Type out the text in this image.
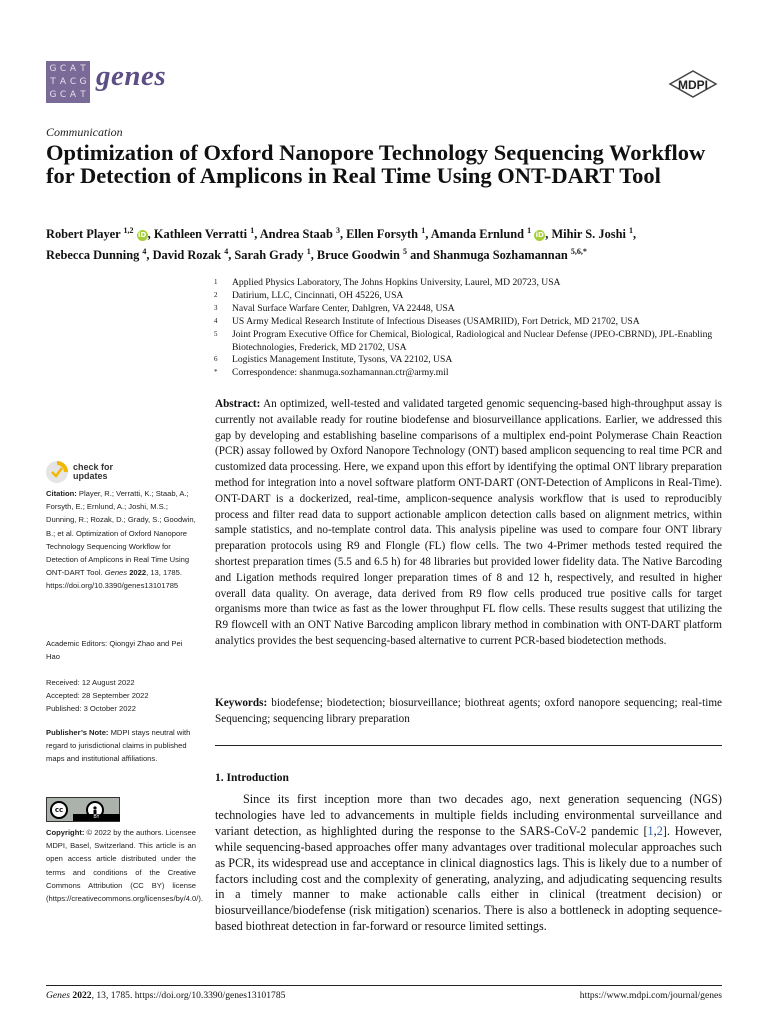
G C A T
T A C G
G C A T
genes	MDPI
Communication
Optimization of Oxford Nanopore Technology Sequencing Workflow for Detection of Amplicons in Real Time Using ONT-DART Tool
Robert Player $^{1,2}$ iD, Kathleen Verratti $^1$, Andrea Staab $^3$, Ellen Forsyth $^1$, Amanda Ernlund $^1$ iD, Mihir S. Joshi $^1$,
Rebecca Dunning $^4$, David Rozak $^4$, Sarah Grady $^1$, Bruce Goodwin $^5$ and Shanmuga Sozhamannan $^{5,6,*}$
1	Applied Physics Laboratory, The Johns Hopkins University, Laurel, MD 20723, USA
2	Datirium, LLC, Cincinnati, OH 45226, USA
3	Naval Surface Warfare Center, Dahlgren, VA 22448, USA
4	US Army Medical Research Institute of Infectious Diseases (USAMRIID), Fort Detrick, MD 21702, USA
5	Joint Program Executive Office for Chemical, Biological, Radiological and Nuclear Defense (JPEO-CBRND), JPL-Enabling Biotechnologies, Frederick, MD 21702, USA
6	Logistics Management Institute, Tysons, VA 22102, USA
*	Correspondence: shanmuga.sozhamannan.ctr@army.mil
Abstract: An optimized, well-tested and validated targeted genomic sequencing-based high-throughput assay is currently not available ready for routine biodefense and biosurveillance applications. Earlier, we addressed this gap by developing and establishing baseline comparisons of a multiplex end-point Polymerase Chain Reaction (PCR) assay followed by Oxford Nanopore Technology (ONT) based amplicon sequencing to real time PCR and customized data processing. Here, we expand upon this effort by identifying the optimal ONT library preparation method for integration into a novel software platform ONT-DART (ONT-Detection of Amplicons in Real-Time). ONT-DART is a dockerized, real-time, amplicon-sequence analysis workflow that is used to reproducibly process and filter read data to support actionable amplicon detection calls based on alignment metrics, within sample statistics, and no-template control data. This analysis pipeline was used to compare four ONT library preparation protocols using R9 and Flongle (FL) flow cells. The two 4-Primer methods tested required the shortest preparation times (5.5 and 6.5 h) for 48 libraries but provided lower fidelity data. The Native Barcoding and Ligation methods required longer preparation times of 8 and 12 h, respectively, and resulted in higher overall data quality. On average, data derived from R9 flow cells produced true positive calls for target organisms more than twice as fast as the lower throughput FL flow cells. These results suggest that utilizing the R9 flowcell with an ONT Native Barcoding amplicon library method in combination with ONT-DART platform analytics provides the best sequencing-based alternative to current PCR-based biodetection methods.
Keywords: biodefense; biodetection; biosurveillance; biothreat agents; oxford nanopore sequencing; real-time Sequencing; sequencing library preparation
1. Introduction
Since its first inception more than two decades ago, next generation sequencing (NGS) technologies have led to advancements in multiple fields including environmental surveillance and variant detection, as highlighted during the response to the SARS-CoV-2 pandemic [1,2]. However, while sequencing-based approaches offer many advantages over traditional molecular approaches such as PCR, its widespread use and acceptance in clinical diagnostics lags. This is likely due to a number of factors including cost and the complexity of generating, analyzing, and adjudicating sequencing results in a timely manner to make actionable calls either in clinical (treatment decision) or biosurveillance/biodefense (risk mitigation) scenarios. There is also a bottleneck in adopting sequence-based biothreat detection in far-forward or resource limited settings.
check for
updates
Citation: Player, R.; Verratti, K.; Staab, A.; Forsyth, E.; Ernlund, A.; Joshi, M.S.; Dunning, R.; Rozak, D.; Grady, S.; Goodwin, B.; et al. Optimization of Oxford Nanopore Technology Sequencing Workflow for Detection of Amplicons in Real Time Using ONT-DART Tool. Genes 2022, 13, 1785. https://doi.org/10.3390/genes13101785
Academic Editors: Qiongyi Zhao and Pei Hao
Received: 12 August 2022
Accepted: 28 September 2022
Published: 3 October 2022
Publisher’s Note: MDPI stays neutral with regard to jurisdictional claims in published maps and institutional affiliations.
cc
BY
Copyright: © 2022 by the authors. Licensee MDPI, Basel, Switzerland. This article is an open access article distributed under the terms and conditions of the Creative Commons Attribution (CC BY) license (https://creativecommons.org/licenses/by/4.0/).
Genes 2022, 13, 1785. https://doi.org/10.3390/genes13101785	https://www.mdpi.com/journal/genes
